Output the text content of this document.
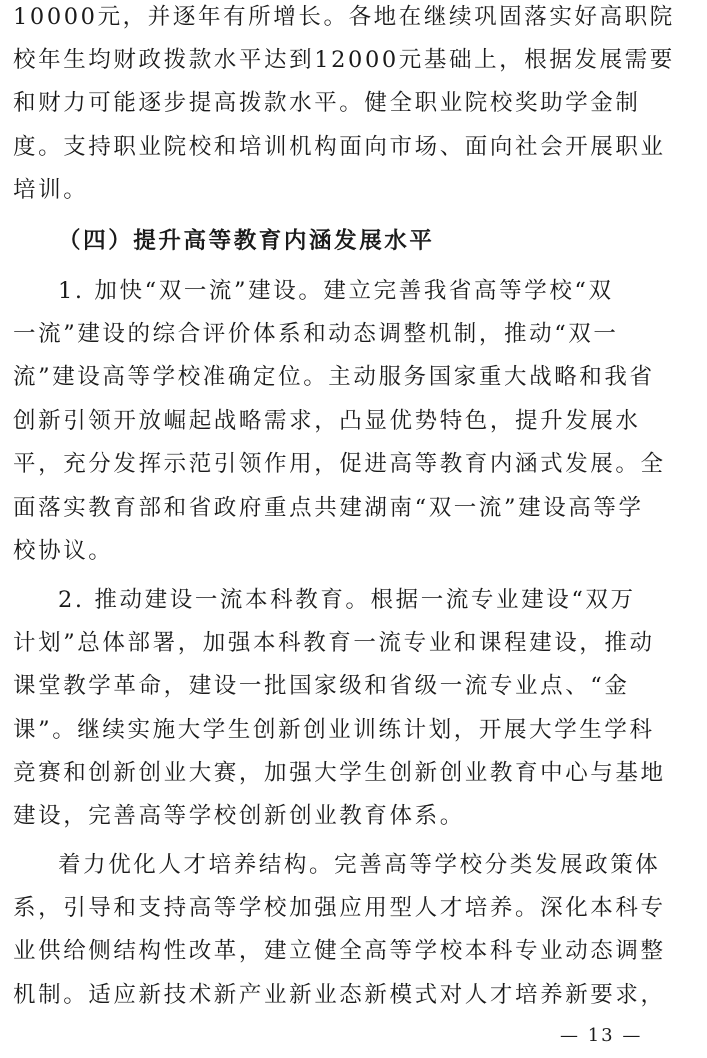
10000元，并逐年有所增长。各地在继续巩固落实好高职院
校年生均财政拨款水平达到12000元基础上，根据发展需要
和财力可能逐步提高拨款水平。健全职业院校奖助学金制
度。支持职业院校和培训机构面向市场、面向社会开展职业
培训。
（四）提升高等教育内涵发展水平
1. 加快“双一流”建设。建立完善我省高等学校“双
一流”建设的综合评价体系和动态调整机制，推动“双一
流”建设高等学校准确定位。主动服务国家重大战略和我省
创新引领开放崛起战略需求，凸显优势特色，提升发展水
平，充分发挥示范引领作用，促进高等教育内涵式发展。全
面落实教育部和省政府重点共建湖南“双一流”建设高等学
校协议。
2. 推动建设一流本科教育。根据一流专业建设“双万
计划”总体部署，加强本科教育一流专业和课程建设，推动
课堂教学革命，建设一批国家级和省级一流专业点、“金
课”。继续实施大学生创新创业训练计划，开展大学生学科
竞赛和创新创业大赛，加强大学生创新创业教育中心与基地
建设，完善高等学校创新创业教育体系。
着力优化人才培养结构。完善高等学校分类发展政策体
系，引导和支持高等学校加强应用型人才培养。深化本科专
业供给侧结构性改革，建立健全高等学校本科专业动态调整
机制。适应新技术新产业新业态新模式对人才培养新要求，
— 13 —
